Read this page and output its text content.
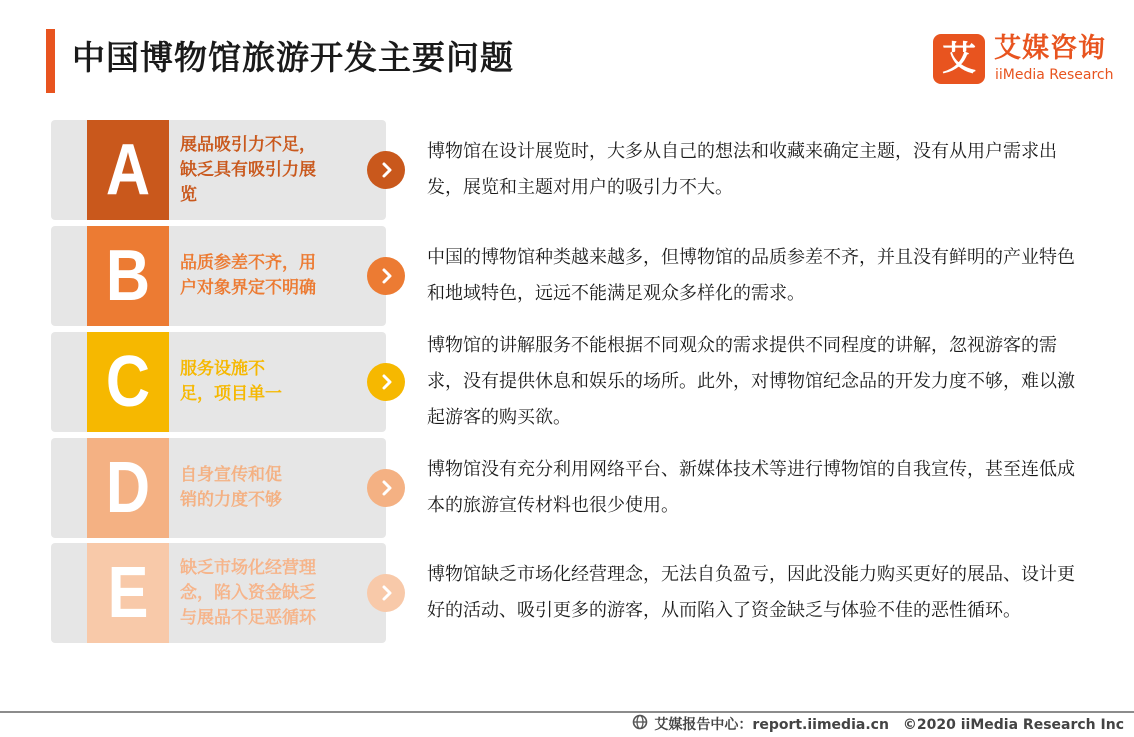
中国博物馆旅游开发主要问题	艾 艾媒咨询
iiMedia Research
A	展品吸引力不足，
缺乏具有吸引力展
览
博物馆在设计展览时，大多从自己的想法和收藏来确定主题，没有从用户需求出发，展览和主题对用户的吸引力不大。
B	品质参差不齐，用
户对象界定不明确
中国的博物馆种类越来越多，但博物馆的品质参差不齐，并且没有鲜明的产业特色和地域特色，远远不能满足观众多样化的需求。
C	服务设施不
足，项目单一
博物馆的讲解服务不能根据不同观众的需求提供不同程度的讲解，忽视游客的需求，没有提供休息和娱乐的场所。此外，对博物馆纪念品的开发力度不够，难以激起游客的购买欲。
D	自身宣传和促
销的力度不够
博物馆没有充分利用网络平台、新媒体技术等进行博物馆的自我宣传，甚至连低成本的旅游宣传材料也很少使用。
E	缺乏市场化经营理
念，陷入资金缺乏
与展品不足恶循环
博物馆缺乏市场化经营理念，无法自负盈亏，因此没能力购买更好的展品、设计更好的活动、吸引更多的游客，从而陷入了资金缺乏与体验不佳的恶性循环。
艾媒报告中心：report.iimedia.cn ©2020 iiMedia Research Inc
